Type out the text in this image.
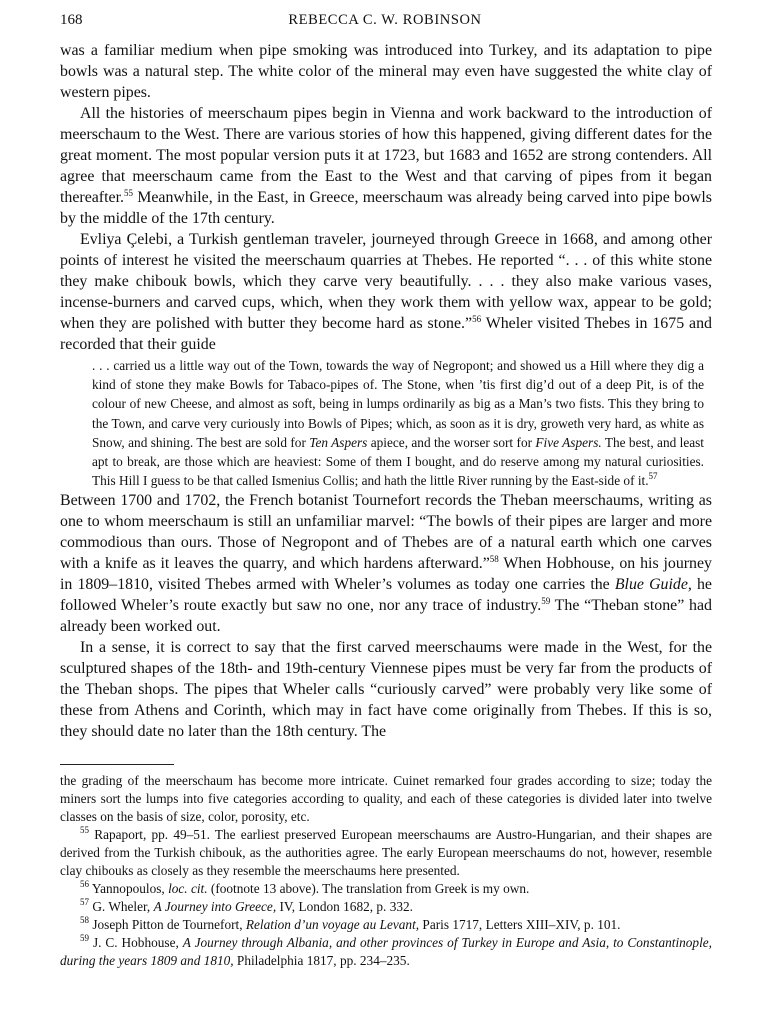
168	REBECCA C. W. ROBINSON

was a familiar medium when pipe smoking was introduced into Turkey, and its adaptation to pipe bowls was a natural step. The white color of the mineral may even have suggested the white clay of western pipes.

All the histories of meerschaum pipes begin in Vienna and work backward to the introduction of meerschaum to the West. There are various stories of how this happened, giving different dates for the great moment. The most popular version puts it at 1723, but 1683 and 1652 are strong contenders. All agree that meerschaum came from the East to the West and that carving of pipes from it began thereafter.$^{55}$ Meanwhile, in the East, in Greece, meerschaum was already being carved into pipe bowls by the middle of the 17th century.

Evliya Çelebi, a Turkish gentleman traveler, journeyed through Greece in 1668, and among other points of interest he visited the meerschaum quarries at Thebes. He reported “. . . of this white stone they make chibouk bowls, which they carve very beautifully. . . . they also make various vases, incense-burners and carved cups, which, when they work them with yellow wax, appear to be gold; when they are polished with butter they become hard as stone.”$^{56}$ Wheler visited Thebes in 1675 and recorded that their guide

. . . carried us a little way out of the Town, towards the way of Negropont; and showed us a Hill where they dig a kind of stone they make Bowls for Tabaco-pipes of. The Stone, when ’tis first dig’d out of a deep Pit, is of the colour of new Cheese, and almost as soft, being in lumps ordinarily as big as a Man’s two fists. This they bring to the Town, and carve very curiously into Bowls of Pipes; which, as soon as it is dry, groweth very hard, as white as Snow, and shining. The best are sold for Ten Aspers apiece, and the worser sort for Five Aspers. The best, and least apt to break, are those which are heaviest: Some of them I bought, and do reserve among my natural curiosities. This Hill I guess to be that called Ismenius Collis; and hath the little River running by the East-side of it.$^{57}$

Between 1700 and 1702, the French botanist Tournefort records the Theban meerschaums, writing as one to whom meerschaum is still an unfamiliar marvel: “The bowls of their pipes are larger and more commodious than ours. Those of Negropont and of Thebes are of a natural earth which one carves with a knife as it leaves the quarry, and which hardens afterward.”$^{58}$ When Hobhouse, on his journey in 1809–1810, visited Thebes armed with Wheler’s volumes as today one carries the Blue Guide, he followed Wheler’s route exactly but saw no one, nor any trace of industry.$^{59}$ The “Theban stone” had already been worked out.

In a sense, it is correct to say that the first carved meerschaums were made in the West, for the sculptured shapes of the 18th- and 19th-century Viennese pipes must be very far from the products of the Theban shops. The pipes that Wheler calls “curiously carved” were probably very like some of these from Athens and Corinth, which may in fact have come originally from Thebes. If this is so, they should date no later than the 18th century. The

the grading of the meerschaum has become more intricate. Cuinet remarked four grades according to size; today the miners sort the lumps into five categories according to quality, and each of these categories is divided later into twelve classes on the basis of size, color, porosity, etc.

$^{55}$ Rapaport, pp. 49–51. The earliest preserved European meerschaums are Austro-Hungarian, and their shapes are derived from the Turkish chibouk, as the authorities agree. The early European meerschaums do not, however, resemble clay chibouks as closely as they resemble the meerschaums here presented.

$^{56}$ Yannopoulos, loc. cit. (footnote 13 above). The translation from Greek is my own.

$^{57}$ G. Wheler, A Journey into Greece, IV, London 1682, p. 332.

$^{58}$ Joseph Pitton de Tournefort, Relation d’un voyage au Levant, Paris 1717, Letters XIII–XIV, p. 101.

$^{59}$ J. C. Hobhouse, A Journey through Albania, and other provinces of Turkey in Europe and Asia, to Constantinople, during the years 1809 and 1810, Philadelphia 1817, pp. 234–235.
